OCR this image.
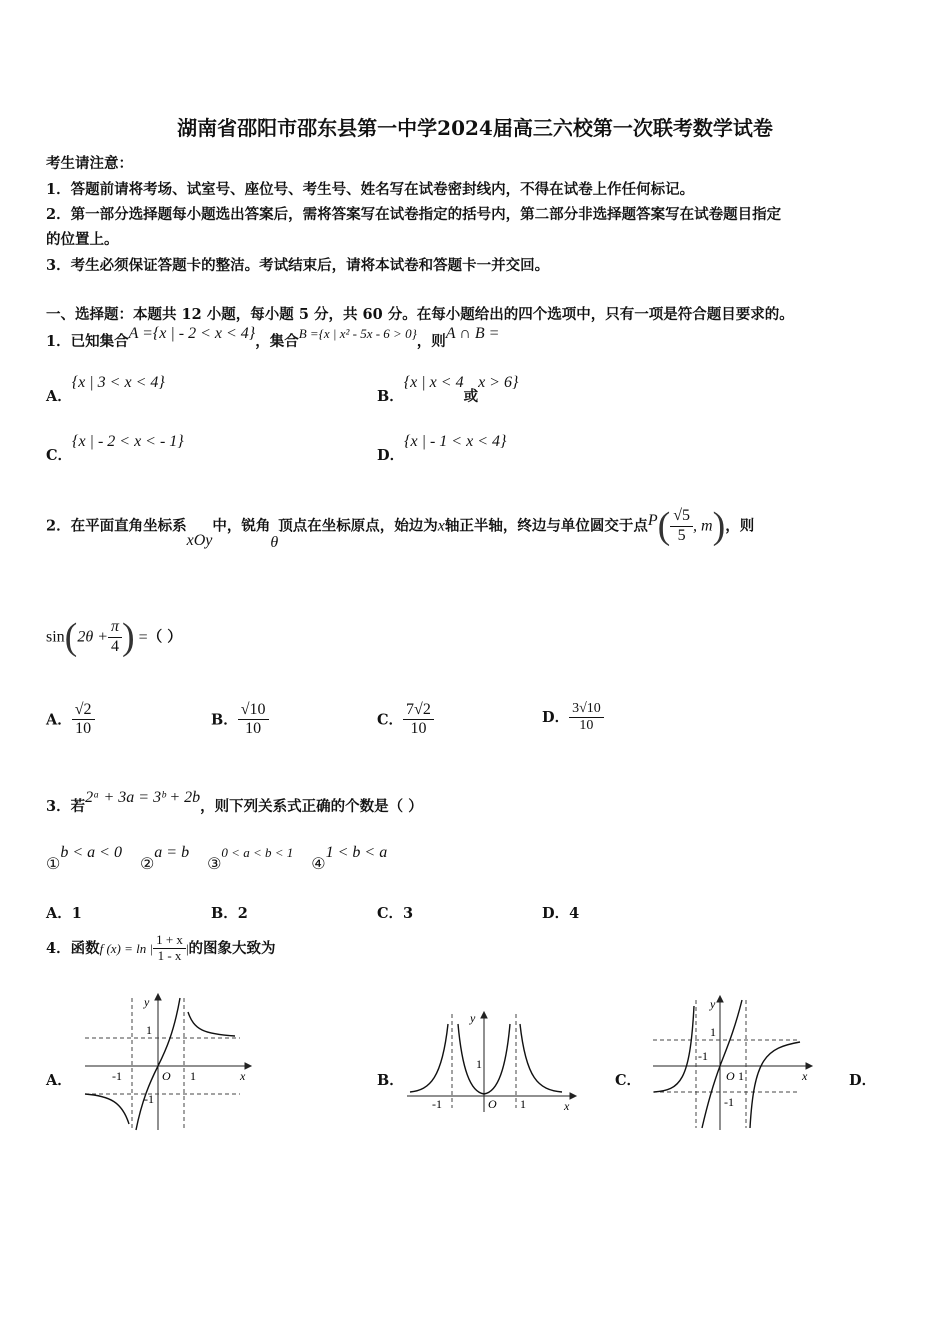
湖南省邵阳市邵东县第一中学2024届高三六校第一次联考数学试卷
考生请注意：
1．答题前请将考场、试室号、座位号、考生号、姓名写在试卷密封线内，不得在试卷上作任何标记。
2．第一部分选择题每小题选出答案后，需将答案写在试卷指定的括号内，第二部分非选择题答案写在试卷题目指定
的位置上。
3．考生必须保证答题卡的整洁。考试结束后，请将本试卷和答题卡一并交回。
一、选择题：本题共 12 小题，每小题 5 分，共 60 分。在每小题给出的四个选项中，只有一项是符合题目要求的。
1．已知集合A ={x | - 2 < x < 4}，集合$^{B =\{x | x^2 - 5x - 6 > 0\}}$，则A ∩ B =
A．{x | 3 < x < 4}
B．{x | x < 4或x > 6}
C．{x | - 2 < x < - 1}
D．{x | - 1 < x < 4}
2．在平面直角坐标系xOy中，锐角θ顶点在坐标原点，始边为x轴正半轴，终边与单位圆交于点$P( \frac{√5}{5}$ , m)，则
$\sin(2\theta + \frac{\pi}{4}$ ) =（ ）
A． $\frac{√2}{10}$	B． $\frac{√10}{10}$	C． $\frac{7√2}{10}$	D． $\frac{3√10}{10}$
3．若2ᵃ + 3a = 3ᵇ + 2b，则下列关系式正确的个数是（ ）
①b < a < 0②a = b③0 < a < b < 1④1 < b < a
A．1	B．2	C．3	D．4
4．函数f (x) = ln | $\frac{1 + x}{1 - x}$ |的图象大致为
A．	B．	C．	D．
y
x
O
1
-1	1
-1
y
x
O
1
-1	1
y
x
O
1
-1
1
-1
